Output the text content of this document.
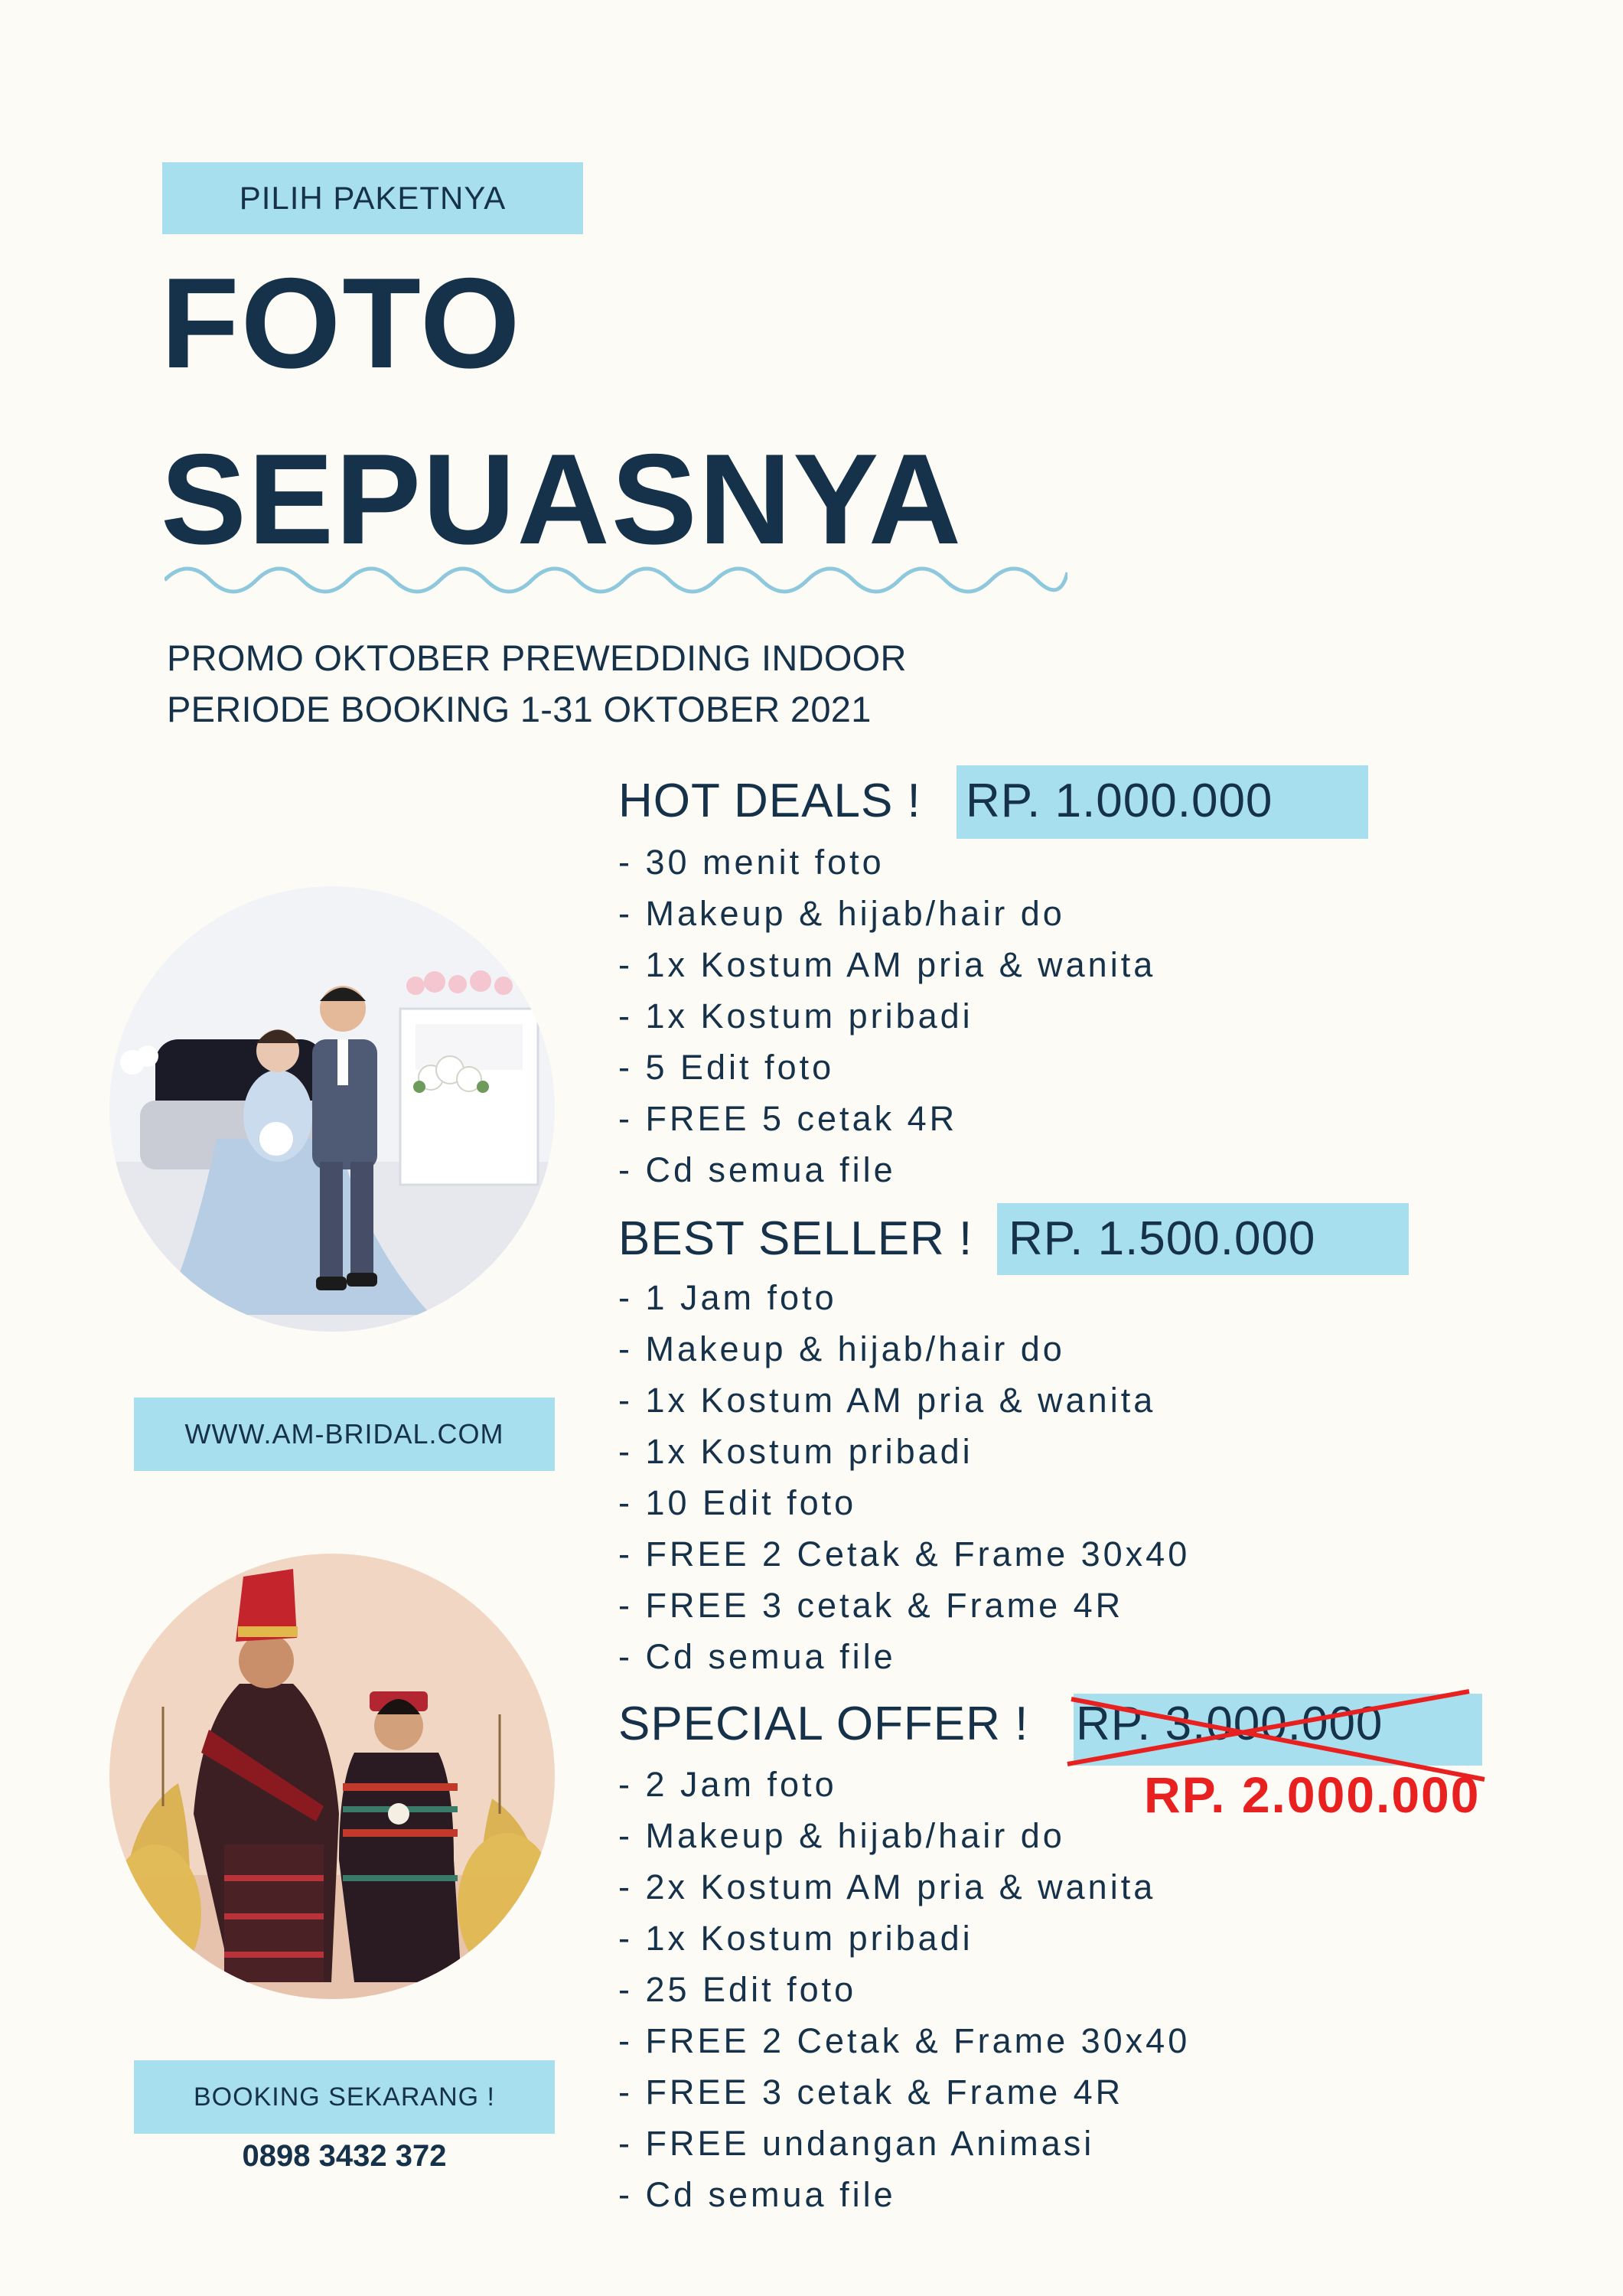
PILIH PAKETNYA
FOTO
SEPUASNYA
PROMO OKTOBER PREWEDDING INDOOR
PERIODE BOOKING 1-31 OKTOBER 2021
WWW.AM-BRIDAL.COM
BOOKING SEKARANG !
0898 3432 372
HOT DEALS ! RP. 1.000.000
- 30 menit foto
- Makeup & hijab/hair do
- 1x Kostum AM pria & wanita
- 1x Kostum pribadi
- 5 Edit foto
- FREE 5 cetak 4R
- Cd semua file
BEST SELLER ! RP. 1.500.000
- 1 Jam foto
- Makeup & hijab/hair do
- 1x Kostum AM pria & wanita
- 1x Kostum pribadi
- 10 Edit foto
- FREE 2 Cetak & Frame 30x40
- FREE 3 cetak & Frame 4R
- Cd semua file
SPECIAL OFFER ! RP. 3.000.000
RP. 2.000.000
- 2 Jam foto
- Makeup & hijab/hair do
- 2x Kostum AM pria & wanita
- 1x Kostum pribadi
- 25 Edit foto
- FREE 2 Cetak & Frame 30x40
- FREE 3 cetak & Frame 4R
- FREE undangan Animasi
- Cd semua file
